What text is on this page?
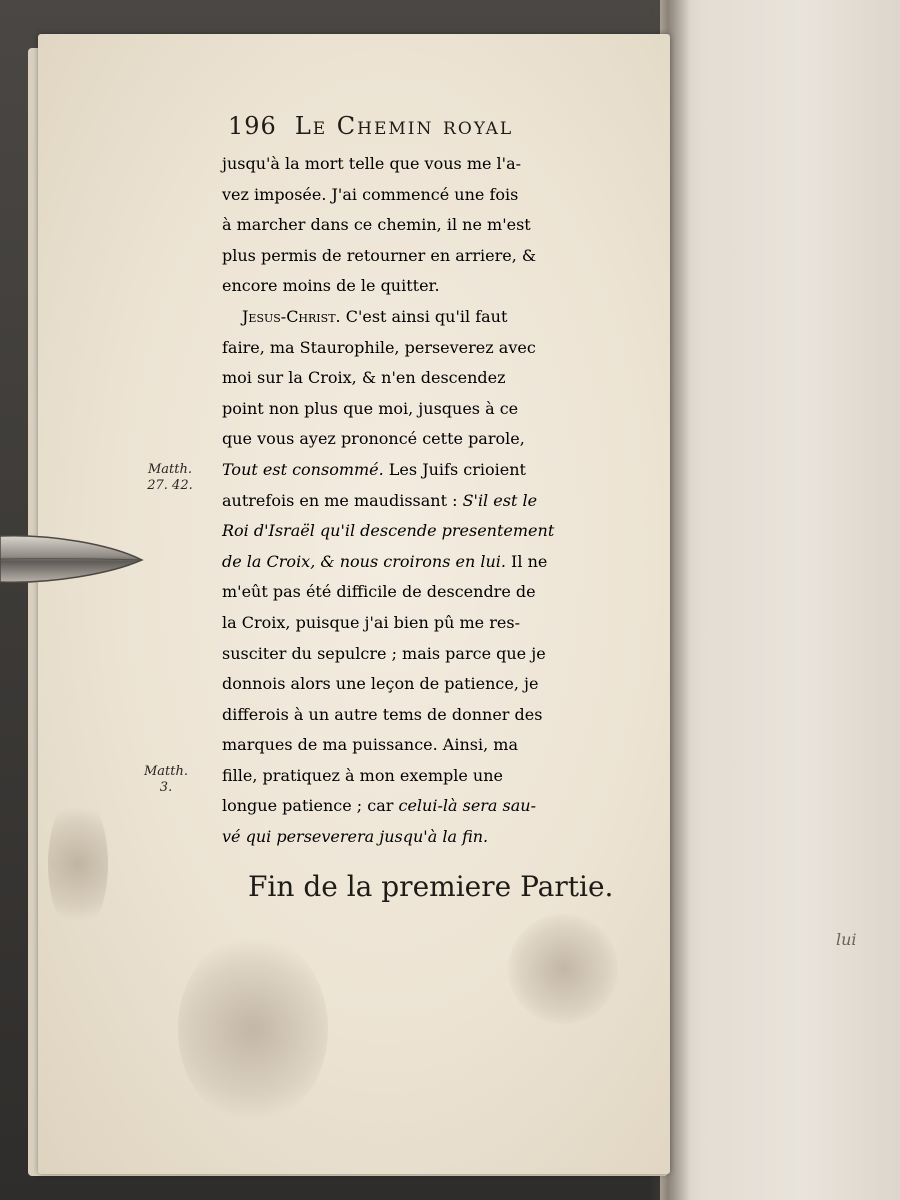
lui
196 Le Chemin royal
jusqu'à la mort telle que vous me l'a-
vez imposée. J'ai commencé une fois
à marcher dans ce chemin, il ne m'est
plus permis de retourner en arriere, &
encore moins de le quitter.
Jesus-Christ. C'est ainsi qu'il faut
faire, ma Staurophile, perseverez avec
moi sur la Croix, & n'en descendez
point non plus que moi, jusques à ce
que vous ayez prononcé cette parole,
Tout est consommé. Les Juifs crioient
autrefois en me maudissant : S'il est le
Roi d'Israël qu'il descende presentement
de la Croix, & nous croirons en lui. Il ne
m'eût pas été difficile de descendre de
la Croix, puisque j'ai bien pû me res-
susciter du sepulcre ; mais parce que je
donnois alors une leçon de patience, je
differois à un autre tems de donner des
marques de ma puissance. Ainsi, ma
fille, pratiquez à mon exemple une
longue patience ; car celui-là sera sau-
vé qui perseverera jusqu'à la fin.
Matth.
27. 42.
Matth.
3.
Fin de la premiere Partie.
